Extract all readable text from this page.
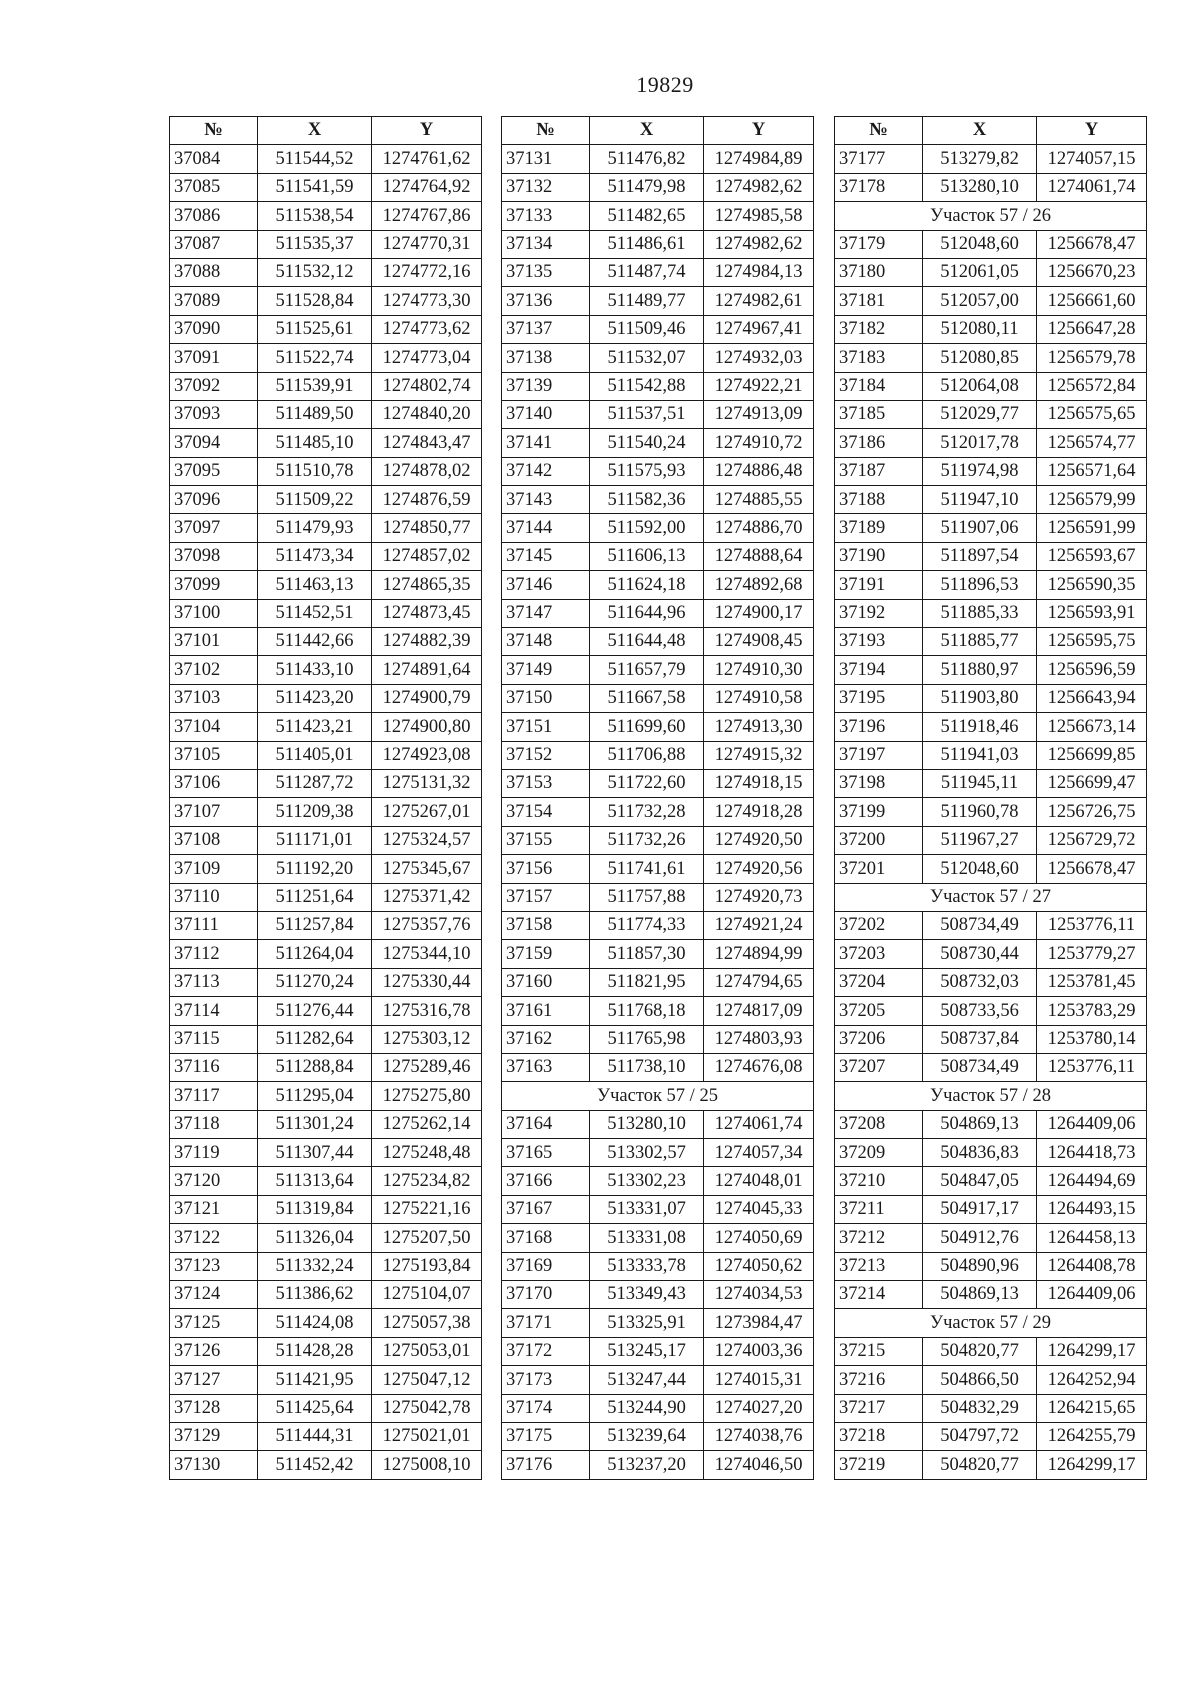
19829
№	X	Y
37084	511544,52	1274761,62
37085	511541,59	1274764,92
37086	511538,54	1274767,86
37087	511535,37	1274770,31
37088	511532,12	1274772,16
37089	511528,84	1274773,30
37090	511525,61	1274773,62
37091	511522,74	1274773,04
37092	511539,91	1274802,74
37093	511489,50	1274840,20
37094	511485,10	1274843,47
37095	511510,78	1274878,02
37096	511509,22	1274876,59
37097	511479,93	1274850,77
37098	511473,34	1274857,02
37099	511463,13	1274865,35
37100	511452,51	1274873,45
37101	511442,66	1274882,39
37102	511433,10	1274891,64
37103	511423,20	1274900,79
37104	511423,21	1274900,80
37105	511405,01	1274923,08
37106	511287,72	1275131,32
37107	511209,38	1275267,01
37108	511171,01	1275324,57
37109	511192,20	1275345,67
37110	511251,64	1275371,42
37111	511257,84	1275357,76
37112	511264,04	1275344,10
37113	511270,24	1275330,44
37114	511276,44	1275316,78
37115	511282,64	1275303,12
37116	511288,84	1275289,46
37117	511295,04	1275275,80
37118	511301,24	1275262,14
37119	511307,44	1275248,48
37120	511313,64	1275234,82
37121	511319,84	1275221,16
37122	511326,04	1275207,50
37123	511332,24	1275193,84
37124	511386,62	1275104,07
37125	511424,08	1275057,38
37126	511428,28	1275053,01
37127	511421,95	1275047,12
37128	511425,64	1275042,78
37129	511444,31	1275021,01
37130	511452,42	1275008,10
№	X	Y
37131	511476,82	1274984,89
37132	511479,98	1274982,62
37133	511482,65	1274985,58
37134	511486,61	1274982,62
37135	511487,74	1274984,13
37136	511489,77	1274982,61
37137	511509,46	1274967,41
37138	511532,07	1274932,03
37139	511542,88	1274922,21
37140	511537,51	1274913,09
37141	511540,24	1274910,72
37142	511575,93	1274886,48
37143	511582,36	1274885,55
37144	511592,00	1274886,70
37145	511606,13	1274888,64
37146	511624,18	1274892,68
37147	511644,96	1274900,17
37148	511644,48	1274908,45
37149	511657,79	1274910,30
37150	511667,58	1274910,58
37151	511699,60	1274913,30
37152	511706,88	1274915,32
37153	511722,60	1274918,15
37154	511732,28	1274918,28
37155	511732,26	1274920,50
37156	511741,61	1274920,56
37157	511757,88	1274920,73
37158	511774,33	1274921,24
37159	511857,30	1274894,99
37160	511821,95	1274794,65
37161	511768,18	1274817,09
37162	511765,98	1274803,93
37163	511738,10	1274676,08
Участок 57 / 25		
37164	513280,10	1274061,74
37165	513302,57	1274057,34
37166	513302,23	1274048,01
37167	513331,07	1274045,33
37168	513331,08	1274050,69
37169	513333,78	1274050,62
37170	513349,43	1274034,53
37171	513325,91	1273984,47
37172	513245,17	1274003,36
37173	513247,44	1274015,31
37174	513244,90	1274027,20
37175	513239,64	1274038,76
37176	513237,20	1274046,50
№	X	Y
37177	513279,82	1274057,15
37178	513280,10	1274061,74
Участок 57 / 26		
37179	512048,60	1256678,47
37180	512061,05	1256670,23
37181	512057,00	1256661,60
37182	512080,11	1256647,28
37183	512080,85	1256579,78
37184	512064,08	1256572,84
37185	512029,77	1256575,65
37186	512017,78	1256574,77
37187	511974,98	1256571,64
37188	511947,10	1256579,99
37189	511907,06	1256591,99
37190	511897,54	1256593,67
37191	511896,53	1256590,35
37192	511885,33	1256593,91
37193	511885,77	1256595,75
37194	511880,97	1256596,59
37195	511903,80	1256643,94
37196	511918,46	1256673,14
37197	511941,03	1256699,85
37198	511945,11	1256699,47
37199	511960,78	1256726,75
37200	511967,27	1256729,72
37201	512048,60	1256678,47
Участок 57 / 27		
37202	508734,49	1253776,11
37203	508730,44	1253779,27
37204	508732,03	1253781,45
37205	508733,56	1253783,29
37206	508737,84	1253780,14
37207	508734,49	1253776,11
Участок 57 / 28		
37208	504869,13	1264409,06
37209	504836,83	1264418,73
37210	504847,05	1264494,69
37211	504917,17	1264493,15
37212	504912,76	1264458,13
37213	504890,96	1264408,78
37214	504869,13	1264409,06
Участок 57 / 29		
37215	504820,77	1264299,17
37216	504866,50	1264252,94
37217	504832,29	1264215,65
37218	504797,72	1264255,79
37219	504820,77	1264299,17
